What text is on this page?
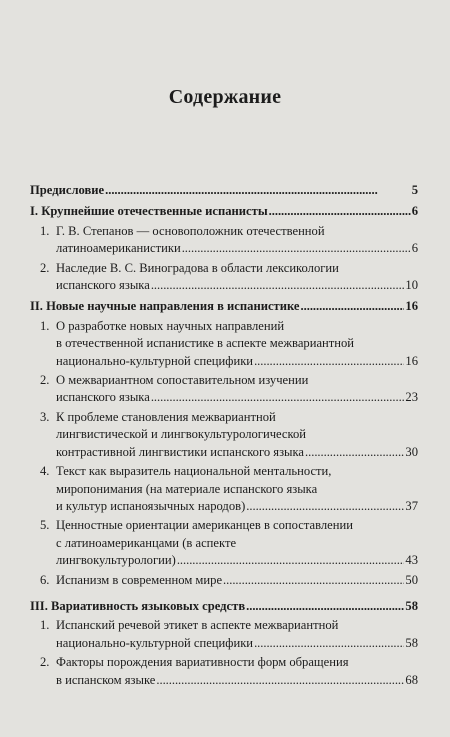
Содержание
Предисловие . . .	5
I. Крупнейшие отечественные испанисты . . .	6
1. Г. В. Степанов — основоположник отечественной
латиноамериканистики . . .	6
2. Наследие В. С. Виноградова в области лексикологии
испанского языка . . .	10
II. Новые научные направления в испанистике . . .	16
1. О разработке новых научных направлений
в отечественной испанистике в аспекте межвариантной
национально-культурной специфики . . .	16
2. О межвариантном сопоставительном изучении
испанского языка . . .	23
3. К проблеме становления межвариантной
лингвистической и лингвокультурологической
контрастивной лингвистики испанского языка . . .	30
4. Текст как выразитель национальной ментальности,
миропонимания (на материале испанского языка
и культур испаноязычных народов) . . .	37
5. Ценностные ориентации американцев в сопоставлении
с латиноамериканцами (в аспекте
лингвокультурологии) . . .	43
6. Испанизм в современном мире . . .	50
III. Вариативность языковых средств . . .	58
1. Испанский речевой этикет в аспекте межвариантной
национально-культурной специфики . . .	58
2. Факторы порождения вариативности форм обращения
в испанском языке . . .	68
